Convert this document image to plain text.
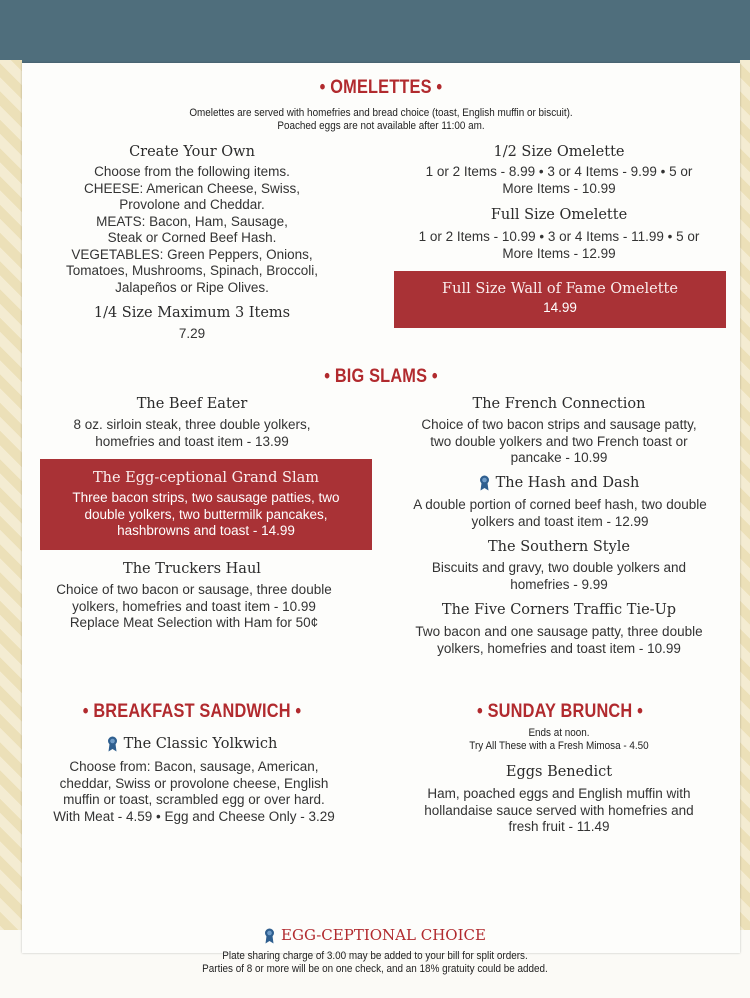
• OMELETTES •
Omelettes are served with homefries and bread choice (toast, English muffin or biscuit).
Poached eggs are not available after 11:00 am.
Create Your Own
Choose from the following items.
CHEESE: American Cheese, Swiss,
Provolone and Cheddar.
MEATS: Bacon, Ham, Sausage,
Steak or Corned Beef Hash.
VEGETABLES: Green Peppers, Onions,
Tomatoes, Mushrooms, Spinach, Broccoli,
Jalapeños or Ripe Olives.
1/4 Size Maximum 3 Items
7.29
1/2 Size Omelette
1 or 2 Items - 8.99 • 3 or 4 Items - 9.99 • 5 or
More Items - 10.99
Full Size Omelette
1 or 2 Items - 10.99 • 3 or 4 Items - 11.99 • 5 or
More Items - 12.99
Full Size Wall of Fame Omelette
14.99
• BIG SLAMS •
The Beef Eater
8 oz. sirloin steak, three double yolkers,
homefries and toast item - 13.99
The Egg-ceptional Grand Slam
Three bacon strips, two sausage patties, two
double yolkers, two buttermilk pancakes,
hashbrowns and toast - 14.99
The Truckers Haul
Choice of two bacon or sausage, three double
yolkers, homefries and toast item - 10.99
Replace Meat Selection with Ham for 50¢
The French Connection
Choice of two bacon strips and sausage patty,
two double yolkers and two French toast or
pancake - 10.99
The Hash and Dash
A double portion of corned beef hash, two double
yolkers and toast item - 12.99
The Southern Style
Biscuits and gravy, two double yolkers and
homefries - 9.99
The Five Corners Traffic Tie-Up
Two bacon and one sausage patty, three double
yolkers, homefries and toast item - 10.99
• BREAKFAST SANDWICH •
The Classic Yolkwich
Choose from: Bacon, sausage, American,
cheddar, Swiss or provolone cheese, English
muffin or toast, scrambled egg or over hard.
With Meat - 4.59 • Egg and Cheese Only - 3.29
• SUNDAY BRUNCH •
Ends at noon.
Try All These with a Fresh Mimosa - 4.50
Eggs Benedict
Ham, poached eggs and English muffin with
hollandaise sauce served with homefries and
fresh fruit - 11.49
EGG-CEPTIONAL CHOICE
Plate sharing charge of 3.00 may be added to your bill for split orders.
Parties of 8 or more will be on one check, and an 18% gratuity could be added.
